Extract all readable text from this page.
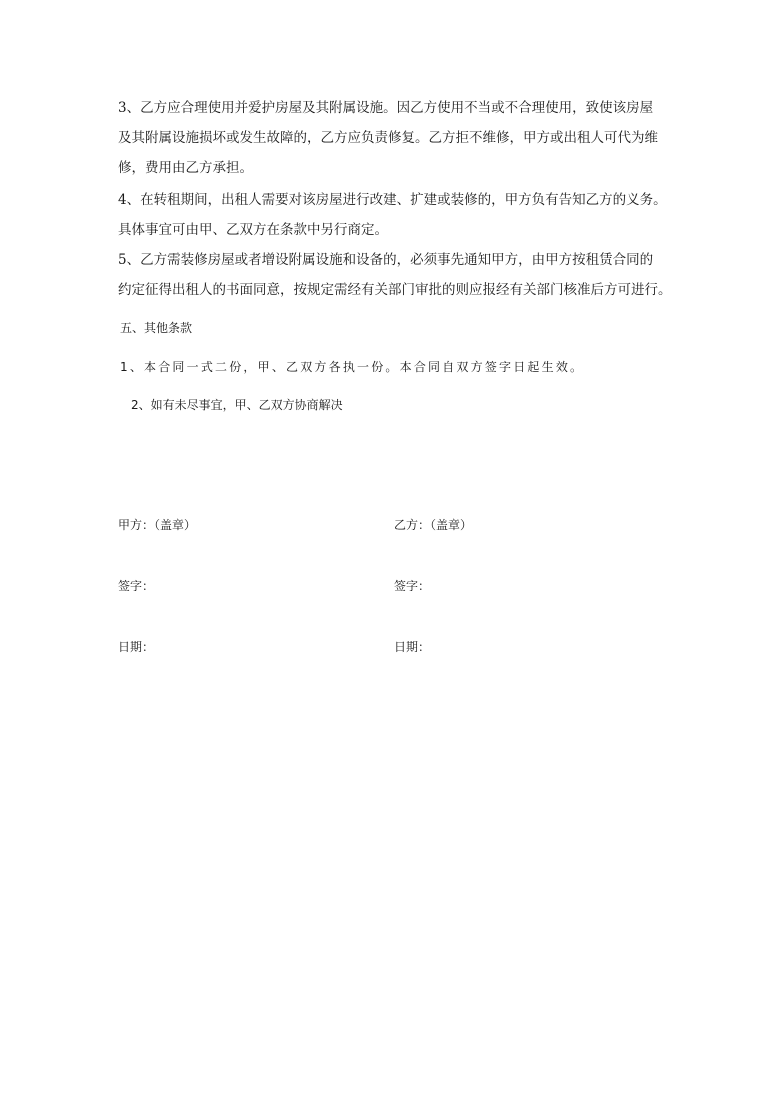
3、乙方应合理使用并爱护房屋及其附属设施。因乙方使用不当或不合理使用，致使该房屋
及其附属设施损坏或发生故障的，乙方应负责修复。乙方拒不维修，甲方或出租人可代为维
修，费用由乙方承担。
4、在转租期间，出租人需要对该房屋进行改建、扩建或装修的，甲方负有告知乙方的义务。
具体事宜可由甲、乙双方在条款中另行商定。
5、乙方需装修房屋或者增设附属设施和设备的，必须事先通知甲方，由甲方按租赁合同的
约定征得出租人的书面同意，按规定需经有关部门审批的则应报经有关部门核准后方可进行。
五、其他条款
1、本合同一式二份，甲、乙双方各执一份。本合同自双方签字日起生效。
2、如有未尽事宜，甲、乙双方协商解决
甲方：（盖章）	乙方：（盖章）
签字：	签字：
日期：	日期：
